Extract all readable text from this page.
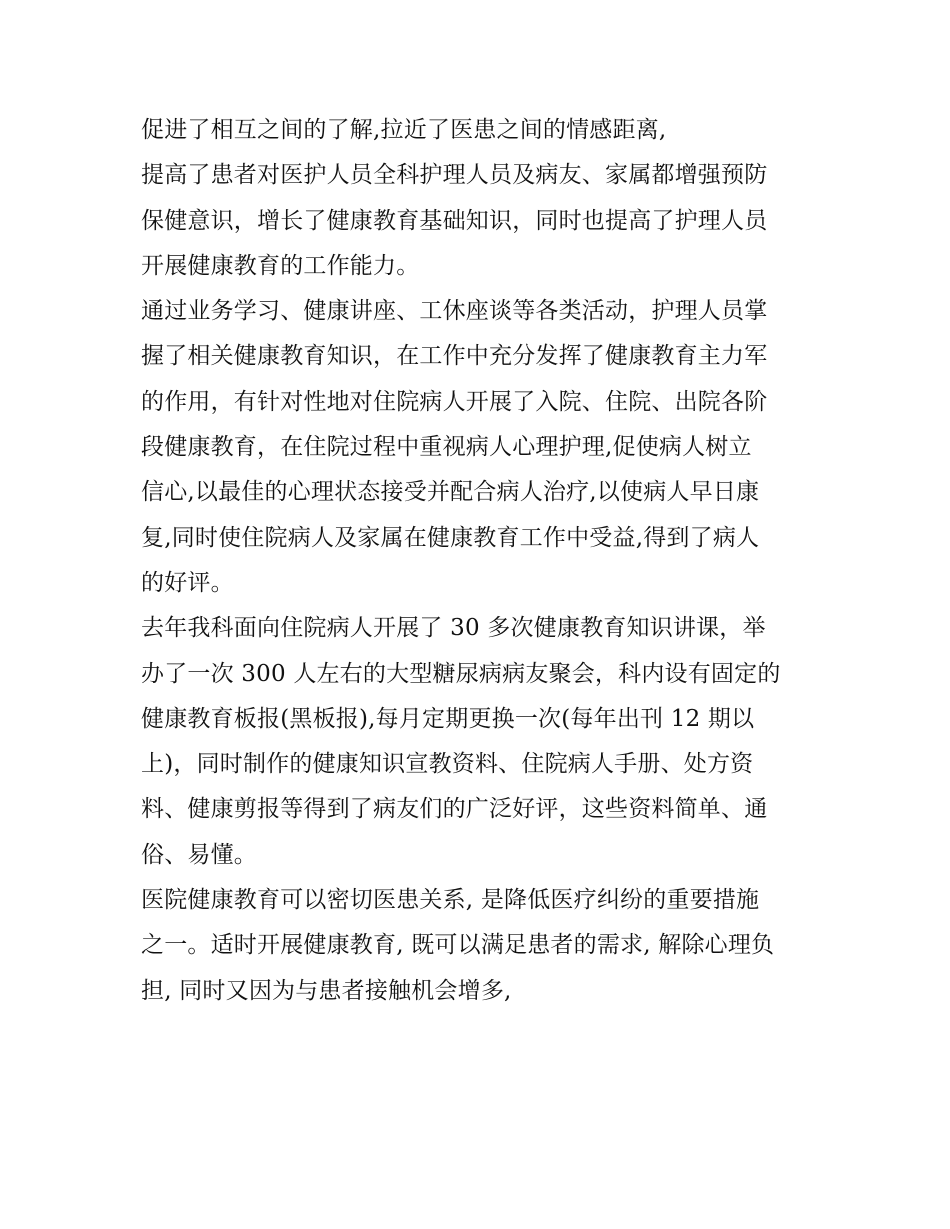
促进了相互之间的了解,拉近了医患之间的情感距离,
提高了患者对医护人员全科护理人员及病友、家属都增强预防
保健意识，增长了健康教育基础知识，同时也提高了护理人员
开展健康教育的工作能力。
通过业务学习、健康讲座、工休座谈等各类活动，护理人员掌
握了相关健康教育知识，在工作中充分发挥了健康教育主力军
的作用，有针对性地对住院病人开展了入院、住院、出院各阶
段健康教育，在住院过程中重视病人心理护理,促使病人树立
信心,以最佳的心理状态接受并配合病人治疗,以使病人早日康
复,同时使住院病人及家属在健康教育工作中受益,得到了病人
的好评。
去年我科面向住院病人开展了 30 多次健康教育知识讲课，举
办了一次 300 人左右的大型糖尿病病友聚会，科内设有固定的
健康教育板报(黑板报),每月定期更换一次(每年出刊 12 期以
上)，同时制作的健康知识宣教资料、住院病人手册、处方资
料、健康剪报等得到了病友们的广泛好评，这些资料简单、通
俗、易懂。
医院健康教育可以密切医患关系, 是降低医疗纠纷的重要措施
之一。适时开展健康教育, 既可以满足患者的需求, 解除心理负
担, 同时又因为与患者接触机会增多,
